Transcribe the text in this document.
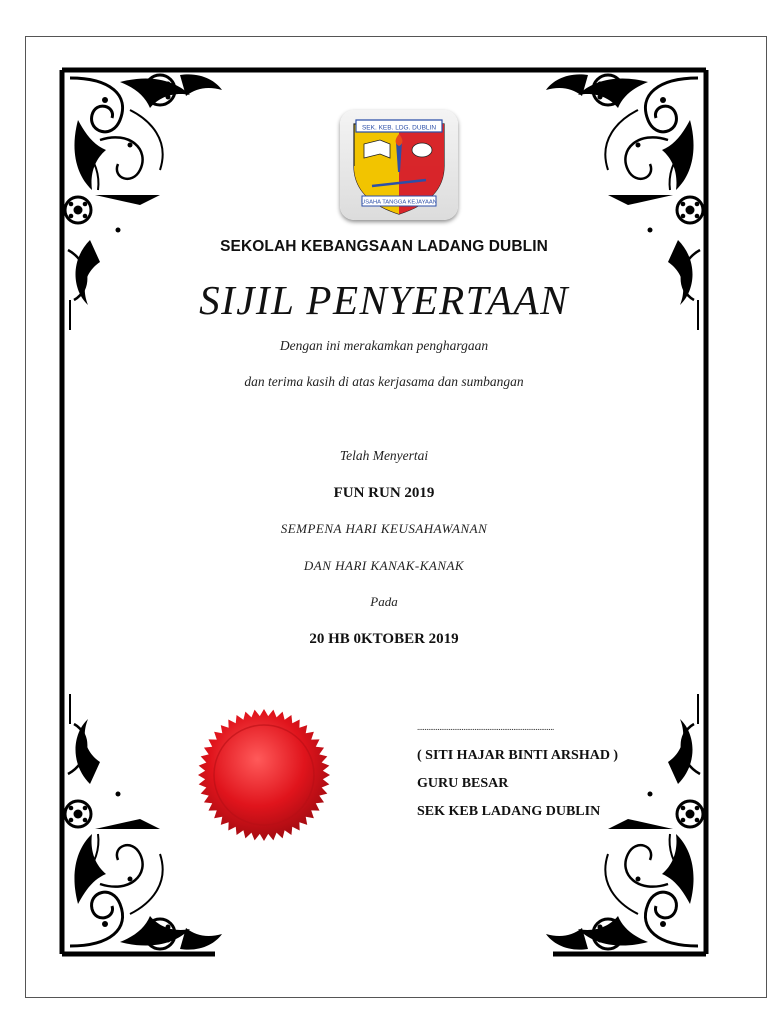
SEK. KEB. LDG. DUBLIN
USAHA TANGGA KEJAYAAN
SEKOLAH KEBANGSAAN LADANG DUBLIN
SIJIL PENYERTAAN
Dengan ini merakamkan penghargaan
dan terima kasih di atas kerjasama dan sumbangan
Telah Menyertai
FUN RUN 2019
SEMPENA HARI KEUSAHAWANAN
DAN HARI KANAK-KANAK
Pada
20 HB 0KTOBER 2019
..........................................................................
( SITI HAJAR BINTI ARSHAD )
GURU BESAR
SEK KEB LADANG DUBLIN
